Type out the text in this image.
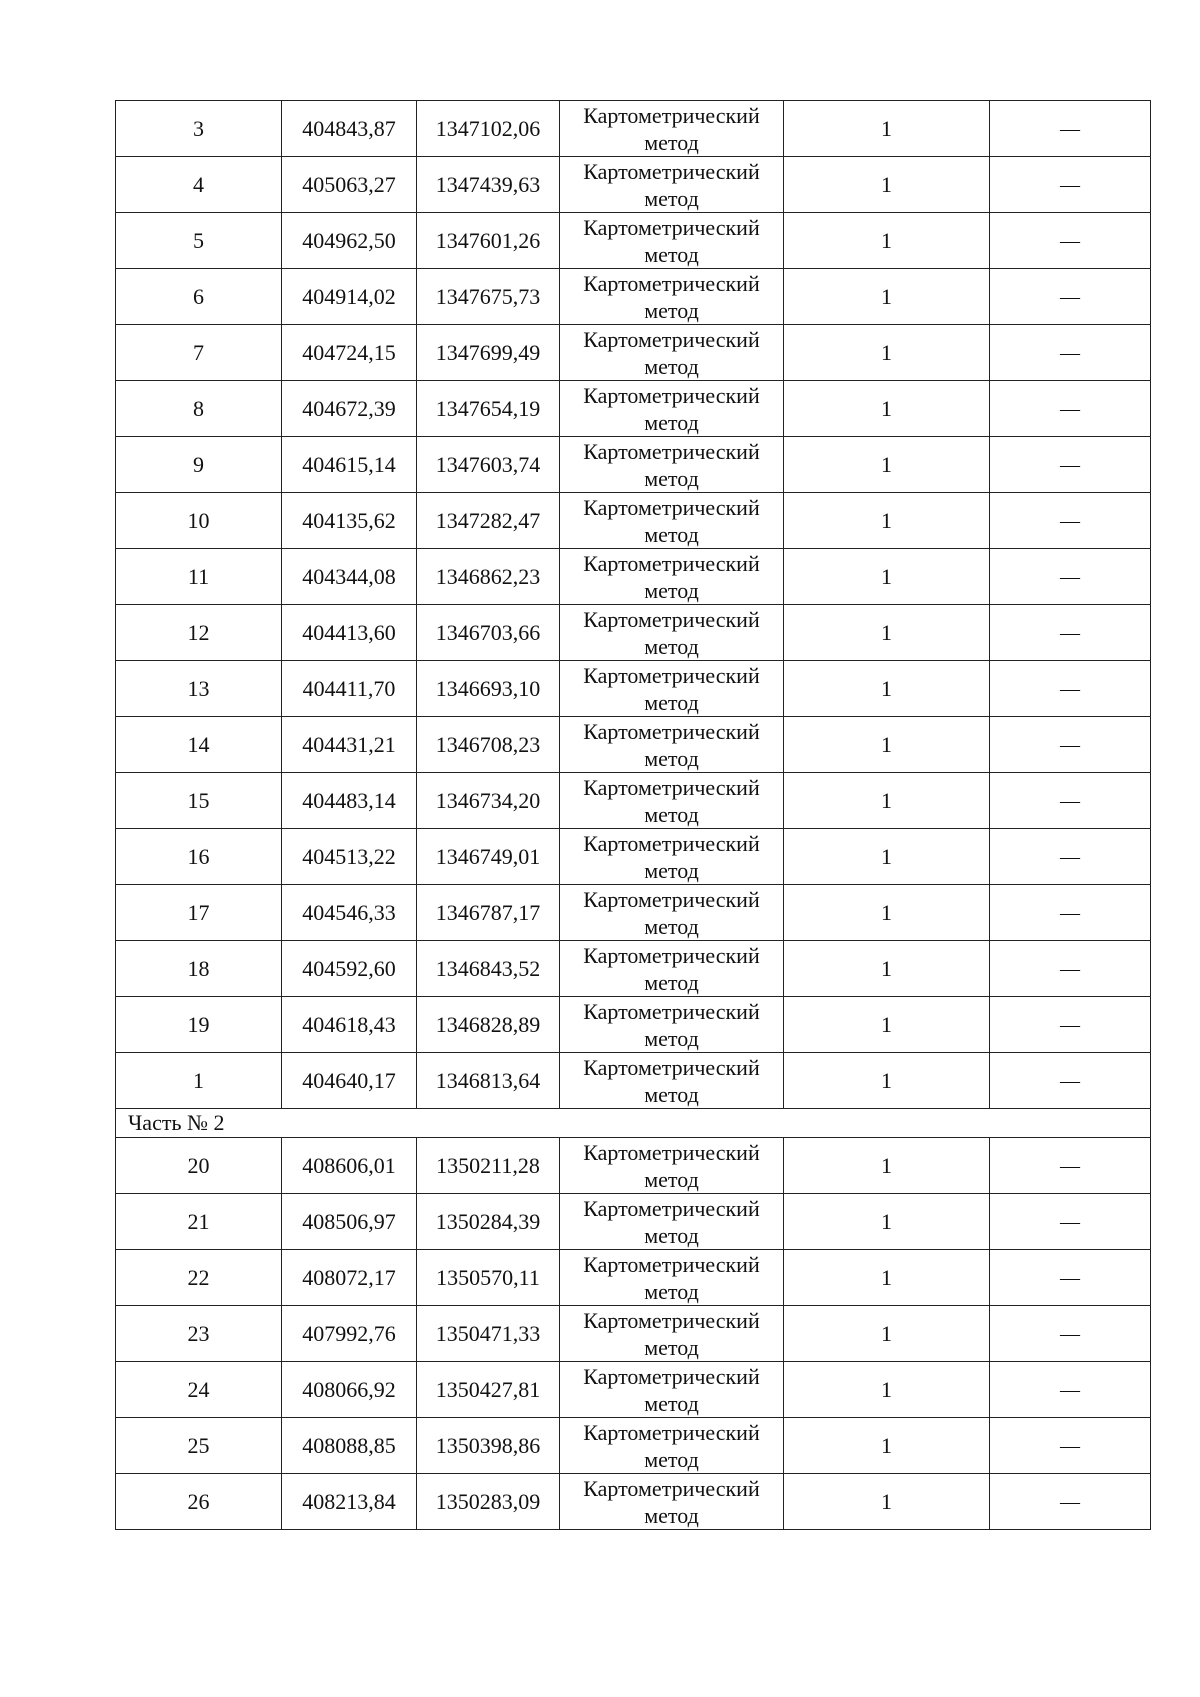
3	404843,87	1347102,06	Картометрический метод	1	—
4	405063,27	1347439,63	Картометрический метод	1	—
5	404962,50	1347601,26	Картометрический метод	1	—
6	404914,02	1347675,73	Картометрический метод	1	—
7	404724,15	1347699,49	Картометрический метод	1	—
8	404672,39	1347654,19	Картометрический метод	1	—
9	404615,14	1347603,74	Картометрический метод	1	—
10	404135,62	1347282,47	Картометрический метод	1	—
11	404344,08	1346862,23	Картометрический метод	1	—
12	404413,60	1346703,66	Картометрический метод	1	—
13	404411,70	1346693,10	Картометрический метод	1	—
14	404431,21	1346708,23	Картометрический метод	1	—
15	404483,14	1346734,20	Картометрический метод	1	—
16	404513,22	1346749,01	Картометрический метод	1	—
17	404546,33	1346787,17	Картометрический метод	1	—
18	404592,60	1346843,52	Картометрический метод	1	—
19	404618,43	1346828,89	Картометрический метод	1	—
1	404640,17	1346813,64	Картометрический метод	1	—
Часть № 2					
20	408606,01	1350211,28	Картометрический метод	1	—
21	408506,97	1350284,39	Картометрический метод	1	—
22	408072,17	1350570,11	Картометрический метод	1	—
23	407992,76	1350471,33	Картометрический метод	1	—
24	408066,92	1350427,81	Картометрический метод	1	—
25	408088,85	1350398,86	Картометрический метод	1	—
26	408213,84	1350283,09	Картометрический метод	1	—
